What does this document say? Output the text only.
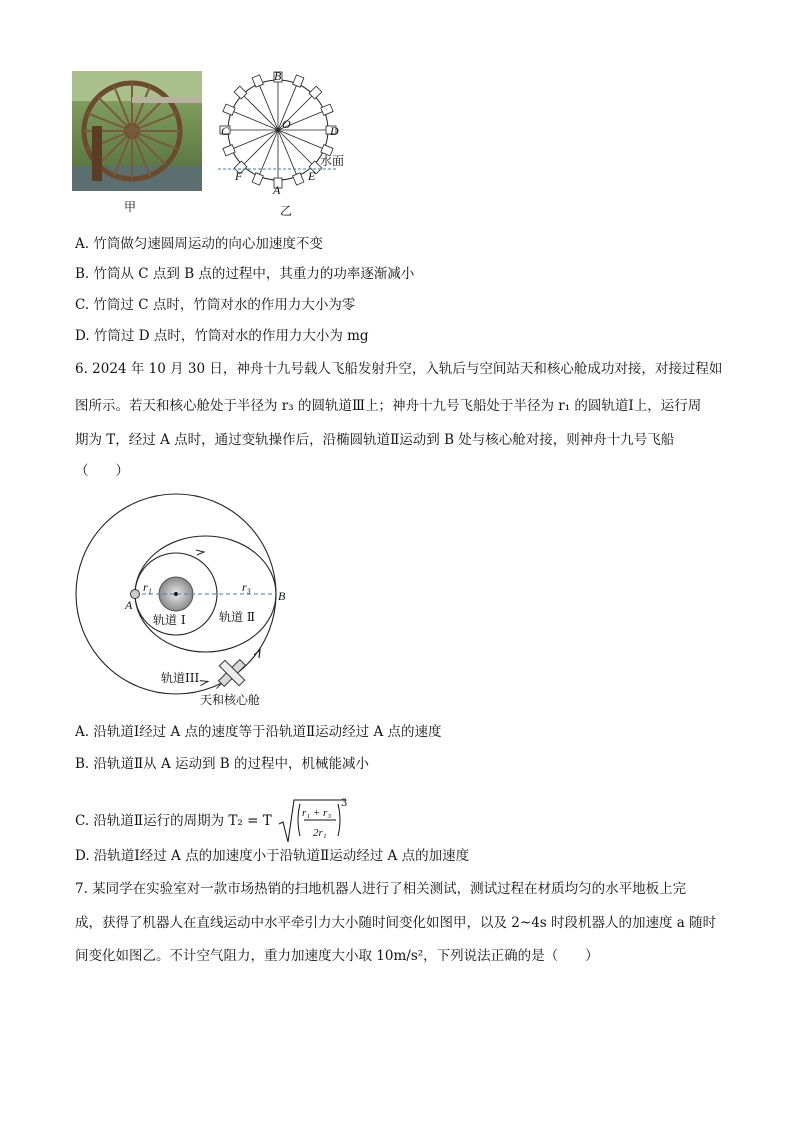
甲
B
O
C	D
F	E
A
水面
乙
A. 竹筒做匀速圆周运动的向心加速度不变
B. 竹筒从 C 点到 B 点的过程中，其重力的功率逐渐减小
C. 竹筒过 C 点时，竹筒对水的作用力大小为零
D. 竹筒过 D 点时，竹筒对水的作用力大小为 mg
6. 2024 年 10 月 30 日，神舟十九号载人飞船发射升空，入轨后与空间站天和核心舱成功对接，对接过程如
图所示。若天和核心舱处于半径为 r₃ 的圆轨道Ⅲ上；神舟十九号飞船处于半径为 r₁ 的圆轨道Ⅰ上，运行周
期为 T，经过 A 点时，通过变轨操作后，沿椭圆轨道Ⅱ运动到 B 处与核心舱对接，则神舟十九号飞船
（　　）
r₁	r₃
A
B
轨道 Ⅰ	轨道 Ⅱ
轨道III
天和核心舱
A. 沿轨道Ⅰ经过 A 点的速度等于沿轨道Ⅱ运动经过 A 点的速度
B. 沿轨道Ⅱ从 A 运动到 B 的过程中，机械能减小
C. 沿轨道Ⅱ运行的周期为 T₂ = T	r₁ + r₃
2r₁
3
D. 沿轨道Ⅰ经过 A 点的加速度小于沿轨道Ⅱ运动经过 A 点的加速度
7. 某同学在实验室对一款市场热销的扫地机器人进行了相关测试，测试过程在材质均匀的水平地板上完
成，获得了机器人在直线运动中水平牵引力大小随时间变化如图甲，以及 2~4s 时段机器人的加速度 a 随时
间变化如图乙。不计空气阻力，重力加速度大小取 10m/s²，下列说法正确的是（　　）
